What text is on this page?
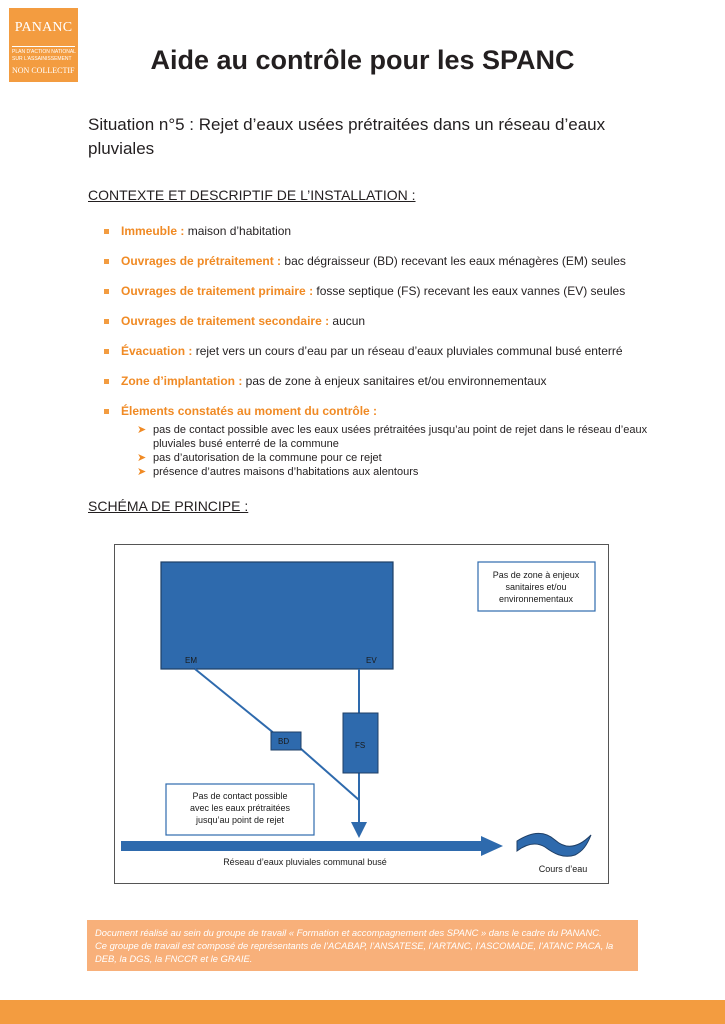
PANANC
PLAN D'ACTION NATIONAL
SUR L'ASSAINISSEMENT
NON COLLECTIF	Aide au contrôle pour les SPANC
Situation n°5 : Rejet d’eaux usées prétraitées dans un réseau d’eaux pluviales
CONTEXTE ET DESCRIPTIF DE L’INSTALLATION :
Immeuble : maison d’habitation
Ouvrages de prétraitement : bac dégraisseur (BD) recevant les eaux ménagères (EM) seules
Ouvrages de traitement primaire : fosse septique (FS) recevant les eaux vannes (EV) seules
Ouvrages de traitement secondaire : aucun
Évacuation : rejet vers un cours d’eau par un réseau d’eaux pluviales communal busé enterré
Zone d’implantation : pas de zone à enjeux sanitaires et/ou environnementaux
Élements constatés au moment du contrôle :
➤ pas de contact possible avec les eaux usées prétraitées jusqu’au point de rejet dans le réseau d’eaux pluviales busé enterré de la commune
➤ pas d’autorisation de la commune pour ce rejet
➤ présence d’autres maisons d’habitations aux alentours
SCHÉMA DE PRINCIPE :
EM	EV
BD	FS
Pas de zone à enjeux
sanitaires et/ou
environnementaux
Pas de contact possible
avec les eaux prétraitées
jusqu’au point de rejet
Réseau d’eaux pluviales communal busé
Cours d’eau
Document réalisé au sein du groupe de travail « Formation et accompagnement des SPANC » dans le cadre du PANANC.
Ce groupe de travail est composé de représentants de l’ACABAP, l’ANSATESE, l’ARTANC, l’ASCOMADE, l’ATANC PACA, la
DEB, la DGS, la FNCCR et le GRAIE.
